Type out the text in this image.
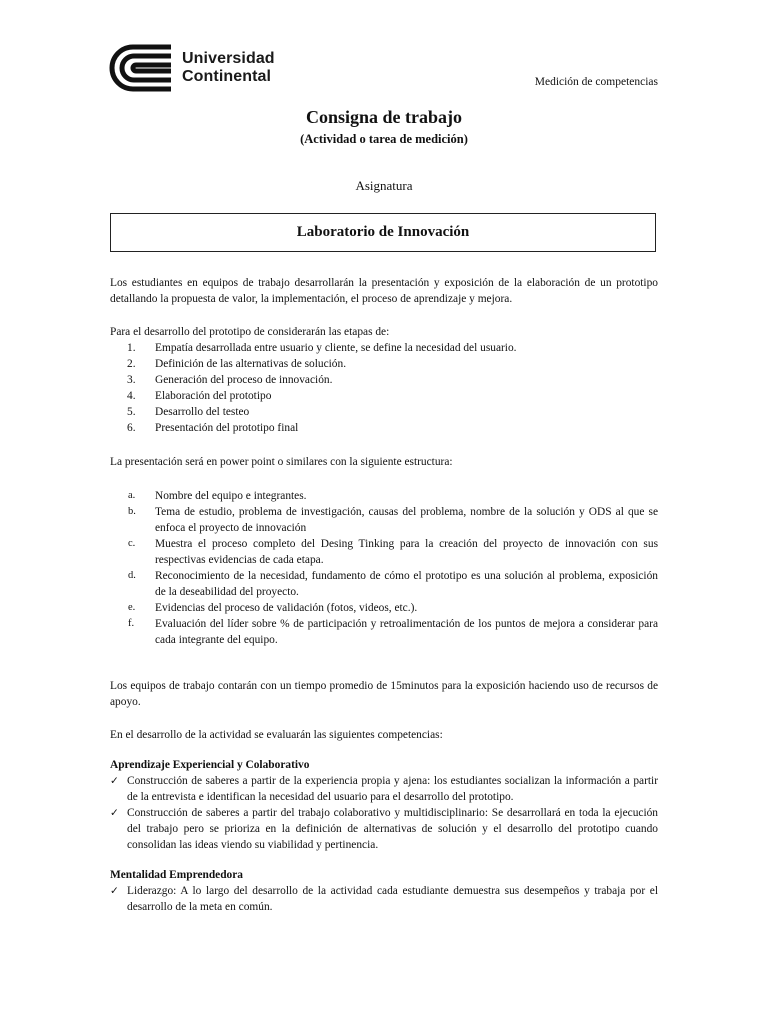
Universidad
Continental	Medición de competencias
Consigna de trabajo
(Actividad o tarea de medición)
Asignatura
Laboratorio de Innovación

Los estudiantes en equipos de trabajo desarrollarán la presentación y exposición de la elaboración de un prototipo detallando la propuesta de valor, la implementación, el proceso de aprendizaje y mejora.

Para el desarrollo del prototipo de considerarán las etapas de:

1. Empatía desarrollada entre usuario y cliente, se define la necesidad del usuario.
2. Definición de las alternativas de solución.
3. Generación del proceso de innovación.
4. Elaboración del prototipo
5. Desarrollo del testeo
6. Presentación del prototipo final

La presentación será en power point o similares con la siguiente estructura:

a. Nombre del equipo e integrantes.
b. Tema de estudio, problema de investigación, causas del problema, nombre de la solución y ODS al que se enfoca el proyecto de innovación
c. Muestra el proceso completo del Desing Tinking para la creación del proyecto de innovación con sus respectivas evidencias de cada etapa.
d. Reconocimiento de la necesidad, fundamento de cómo el prototipo es una solución al problema, exposición de la deseabilidad del proyecto.
e. Evidencias del proceso de validación (fotos, videos, etc.).
f. Evaluación del líder sobre % de participación y retroalimentación de los puntos de mejora a considerar para cada integrante del equipo.

Los equipos de trabajo contarán con un tiempo promedio de 15minutos para la exposición haciendo uso de recursos de apoyo.

En el desarrollo de la actividad se evaluarán las siguientes competencias:

Aprendizaje Experiencial y Colaborativo

✓ Construcción de saberes a partir de la experiencia propia y ajena: los estudiantes socializan la información a partir de la entrevista e identifican la necesidad del usuario para el desarrollo del prototipo.
✓ Construcción de saberes a partir del trabajo colaborativo y multidisciplinario: Se desarrollará en toda la ejecución del trabajo pero se prioriza en la definición de alternativas de solución y el desarrollo del prototipo cuando consolidan las ideas viendo su viabilidad y pertinencia.

Mentalidad Emprendedora

✓ Liderazgo: A lo largo del desarrollo de la actividad cada estudiante demuestra sus desempeños y trabaja por el desarrollo de la meta en común.
